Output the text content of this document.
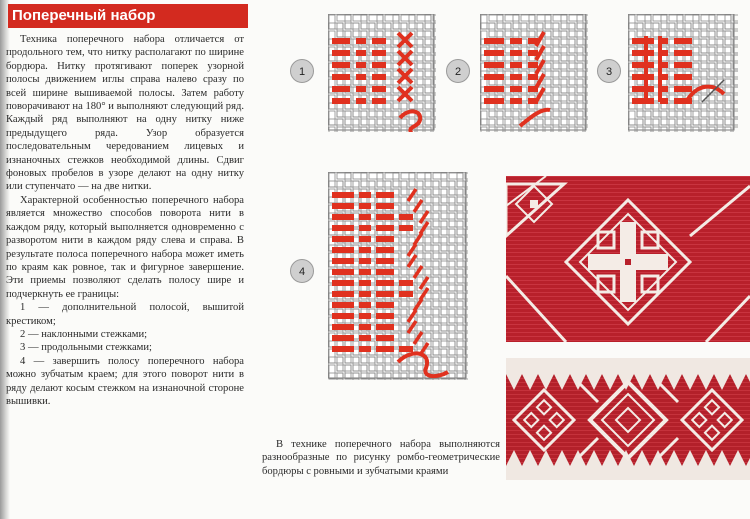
Поперечный набор

Техника поперечного набора отличается от продольного тем, что нитку располагают по ширине бордюра. Нитку протягивают поперек узорной полосы движением иглы справа налево сразу по всей ширине вышиваемой полосы. Затем работу поворачивают на 180° и выполняют следующий ряд. Каждый ряд выполняют на одну нитку ниже предыдущего ряда. Узор образуется последовательным чередованием лицевых и изнаночных стежков необходимой длины. Сдвиг фоновых пробелов в узоре делают на одну нитку или ступенчато — на две нитки.

Характерной особенностью поперечного набора является множество способов поворота нити в каждом ряду, который выполняется одновременно с разворотом нити в каждом ряду слева и справа. В результате полоса поперечного набора может иметь по краям как ровное, так и фигурное завершение. Эти приемы позволяют сделать полосу шире и подчеркнуть ее границы:

1 — дополнительной полосой, вышитой крестиком;

2 — наклонными стежками;

3 — продольными стежками;

4 — завершить полосу поперечного набора можно зубчатым краем; для этого поворот нити в ряду делают косым стежком на изнаночной стороне вышивки.

1	2	3
4

В технике поперечного набора выполняются разнообразные по рисунку ромбо-геометрические бордюры с ровными и зубчатыми краями
